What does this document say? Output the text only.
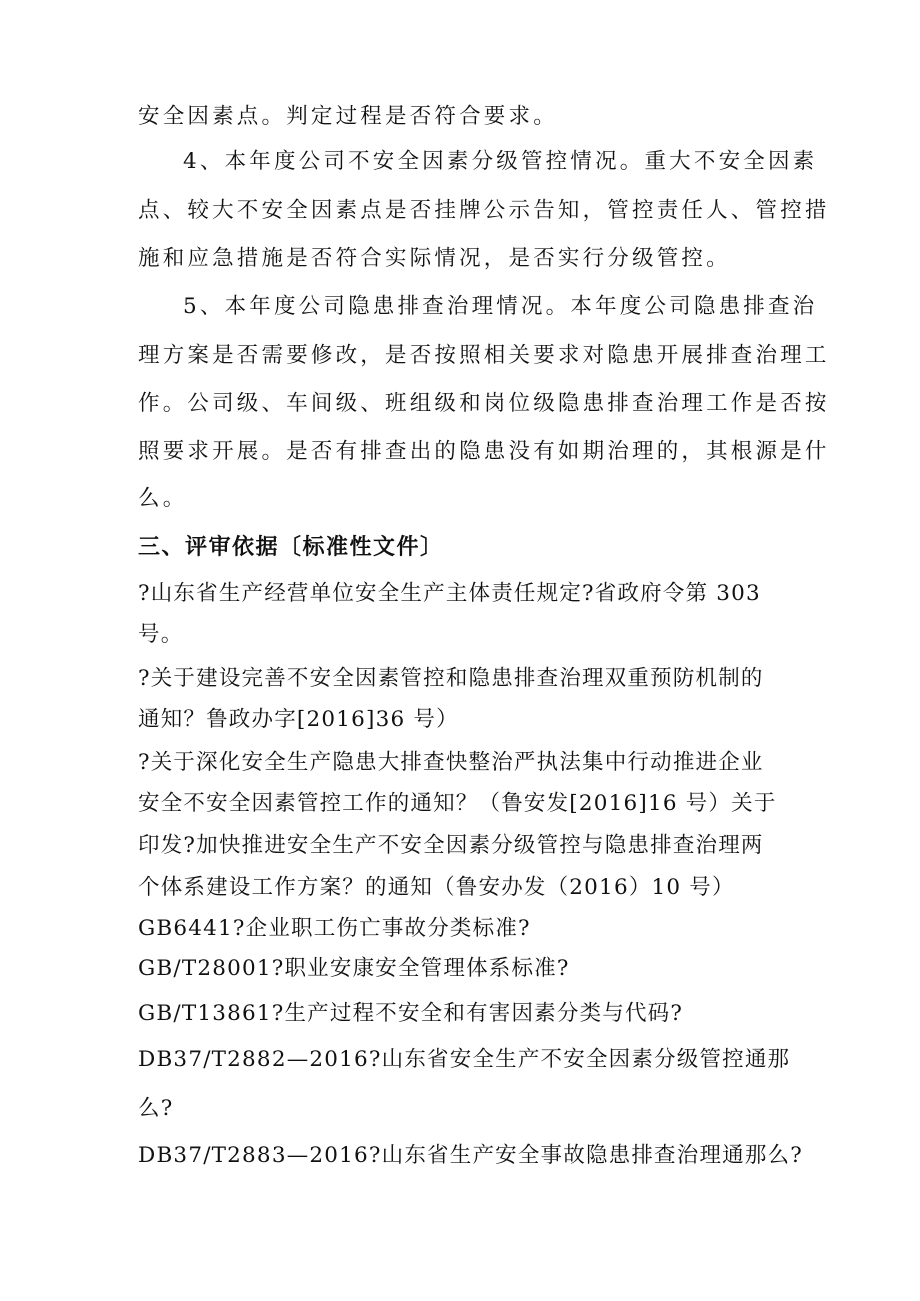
安全因素点。判定过程是否符合要求。

4、本年度公司不安全因素分级管控情况。重大不安全因素

点、较大不安全因素点是否挂牌公示告知，管控责任人、管控措

施和应急措施是否符合实际情况，是否实行分级管控。

5、本年度公司隐患排查治理情况。本年度公司隐患排查治

理方案是否需要修改，是否按照相关要求对隐患开展排查治理工

作。公司级、车间级、班组级和岗位级隐患排查治理工作是否按

照要求开展。是否有排查出的隐患没有如期治理的，其根源是什

么。

三、评审依据〔标准性文件〕

?山东省生产经营单位安全生产主体责任规定?省政府令第 303

号。

?关于建设完善不安全因素管控和隐患排查治理双重预防机制的

通知？鲁政办字[2016]36 号）

?关于深化安全生产隐患大排查快整治严执法集中行动推进企业

安全不安全因素管控工作的通知？（鲁安发[2016]16 号）关于

印发?加快推进安全生产不安全因素分级管控与隐患排查治理两

个体系建设工作方案？的通知（鲁安办发（2016）10 号）

GB6441?企业职工伤亡事故分类标准?

GB/T28001?职业安康安全管理体系标准?

GB/T13861?生产过程不安全和有害因素分类与代码?

DB37/T2882—2016?山东省安全生产不安全因素分级管控通那

么?

DB37/T2883—2016?山东省生产安全事故隐患排查治理通那么?
